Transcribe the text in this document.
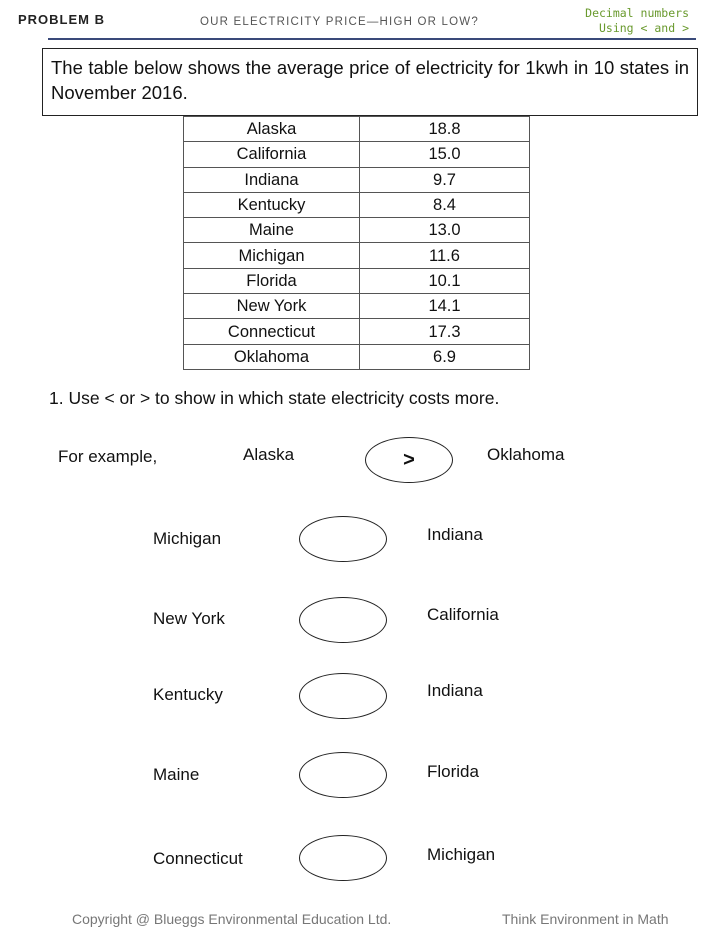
PROBLEM B	OUR ELECTRICITY PRICE—HIGH OR LOW?
Decimal numbers
Using < and >
The table below shows the average price of electricity for 1kwh in 10 states in November 2016.
Alaska	18.8
California	15.0
Indiana	9.7
Kentucky	8.4
Maine	13.0
Michigan	11.6
Florida	10.1
New York	14.1
Connecticut	17.3
Oklahoma	6.9
1. Use < or > to show in which state electricity costs more.
For example,	Alaska	>	Oklahoma
Michigan	Indiana
New York	California
Kentucky	Indiana
Maine	Florida
Connecticut	Michigan
Copyright @ Blueggs Environmental Education Ltd.	Think Environment in Math
